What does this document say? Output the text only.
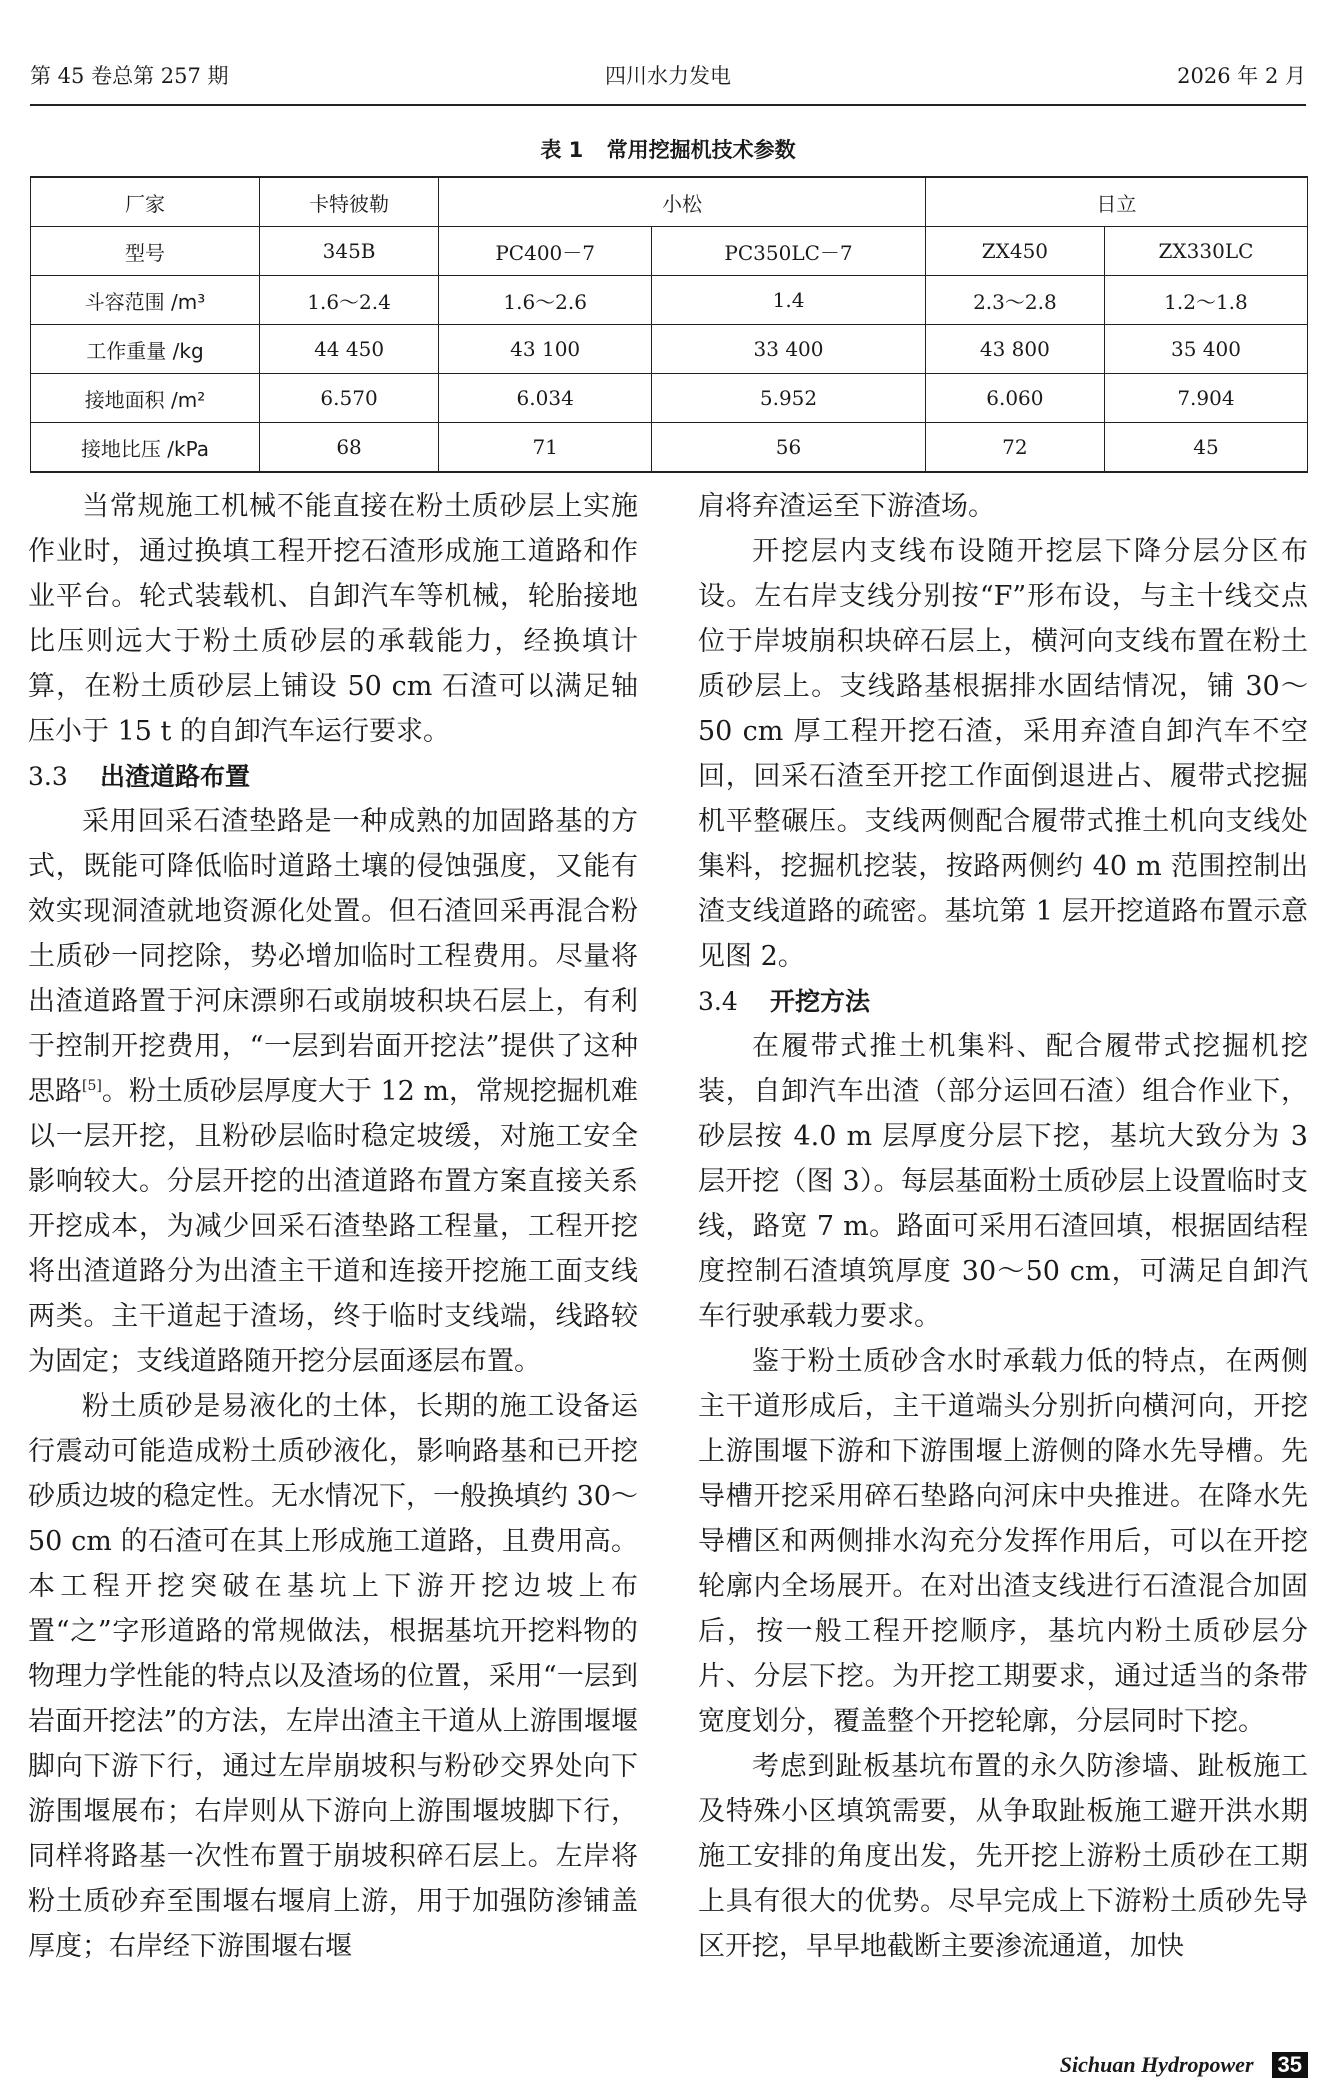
第 45 卷总第 257 期	四川水力发电	2026 年 2 月
表 1 常用挖掘机技术参数
厂家	卡特彼勒	小松		日立	
型号	345B	PC400－7	PC350LC－7	ZX450	ZX330LC
斗容范围 /m³	1.6～2.4	1.6～2.6	1.4	2.3～2.8	1.2～1.8
工作重量 /kg	44 450	43 100	33 400	43 800	35 400
接地面积 /m²	6.570	6.034	5.952	6.060	7.904
接地比压 /kPa	68	71	56	72	45

当常规施工机械不能直接在粉土质砂层上实施作业时，通过换填工程开挖石渣形成施工道路和作业平台。轮式装载机、自卸汽车等机械，轮胎接地比压则远大于粉土质砂层的承载能力，经换填计算，在粉土质砂层上铺设 50 cm 石渣可以满足轴压小于 15 t 的自卸汽车运行要求。

3.3 出渣道路布置

采用回采石渣垫路是一种成熟的加固路基的方式，既能可降低临时道路土壤的侵蚀强度，又能有效实现洞渣就地资源化处置。但石渣回采再混合粉土质砂一同挖除，势必增加临时工程费用。尽量将出渣道路置于河床漂卵石或崩坡积块石层上，有利于控制开挖费用，“一层到岩面开挖法”提供了这种思路[5]。粉土质砂层厚度大于 12 m，常规挖掘机难以一层开挖，且粉砂层临时稳定坡缓，对施工安全影响较大。分层开挖的出渣道路布置方案直接关系开挖成本，为减少回采石渣垫路工程量，工程开挖将出渣道路分为出渣主干道和连接开挖施工面支线两类。主干道起于渣场，终于临时支线端，线路较为固定；支线道路随开挖分层面逐层布置。

粉土质砂是易液化的土体，长期的施工设备运行震动可能造成粉土质砂液化，影响路基和已开挖砂质边坡的稳定性。无水情况下，一般换填约 30～50 cm 的石渣可在其上形成施工道路，且费用高。本工程开挖突破在基坑上下游开挖边坡上布置“之”字形道路的常规做法，根据基坑开挖料物的物理力学性能的特点以及渣场的位置，采用“一层到岩面开挖法”的方法，左岸出渣主干道从上游围堰堰脚向下游下行，通过左岸崩坡积与粉砂交界处向下游围堰展布；右岸则从下游向上游围堰坡脚下行，同样将路基一次性布置于崩坡积碎石层上。左岸将粉土质砂弃至围堰右堰肩上游，用于加强防渗铺盖厚度；右岸经下游围堰右堰

肩将弃渣运至下游渣场。

开挖层内支线布设随开挖层下降分层分区布设。左右岸支线分别按“F”形布设，与主十线交点位于岸坡崩积块碎石层上，横河向支线布置在粉土质砂层上。支线路基根据排水固结情况，铺 30～50 cm 厚工程开挖石渣，采用弃渣自卸汽车不空回，回采石渣至开挖工作面倒退进占、履带式挖掘机平整碾压。支线两侧配合履带式推土机向支线处集料，挖掘机挖装，按路两侧约 40 m 范围控制出渣支线道路的疏密。基坑第 1 层开挖道路布置示意见图 2。

3.4 开挖方法

在履带式推土机集料、配合履带式挖掘机挖装，自卸汽车出渣（部分运回石渣）组合作业下，砂层按 4.0 m 层厚度分层下挖，基坑大致分为 3 层开挖（图 3）。每层基面粉土质砂层上设置临时支线，路宽 7 m。路面可采用石渣回填，根据固结程度控制石渣填筑厚度 30～50 cm，可满足自卸汽车行驶承载力要求。

鉴于粉土质砂含水时承载力低的特点，在两侧主干道形成后，主干道端头分别折向横河向，开挖上游围堰下游和下游围堰上游侧的降水先导槽。先导槽开挖采用碎石垫路向河床中央推进。在降水先导槽区和两侧排水沟充分发挥作用后，可以在开挖轮廓内全场展开。在对出渣支线进行石渣混合加固后，按一般工程开挖顺序，基坑内粉土质砂层分片、分层下挖。为开挖工期要求，通过适当的条带宽度划分，覆盖整个开挖轮廓，分层同时下挖。

考虑到趾板基坑布置的永久防渗墙、趾板施工及特殊小区填筑需要，从争取趾板施工避开洪水期施工安排的角度出发，先开挖上游粉土质砂在工期上具有很大的优势。尽早完成上下游粉土质砂先导区开挖，早早地截断主要渗流通道，加快

Sichuan Hydropower 35
